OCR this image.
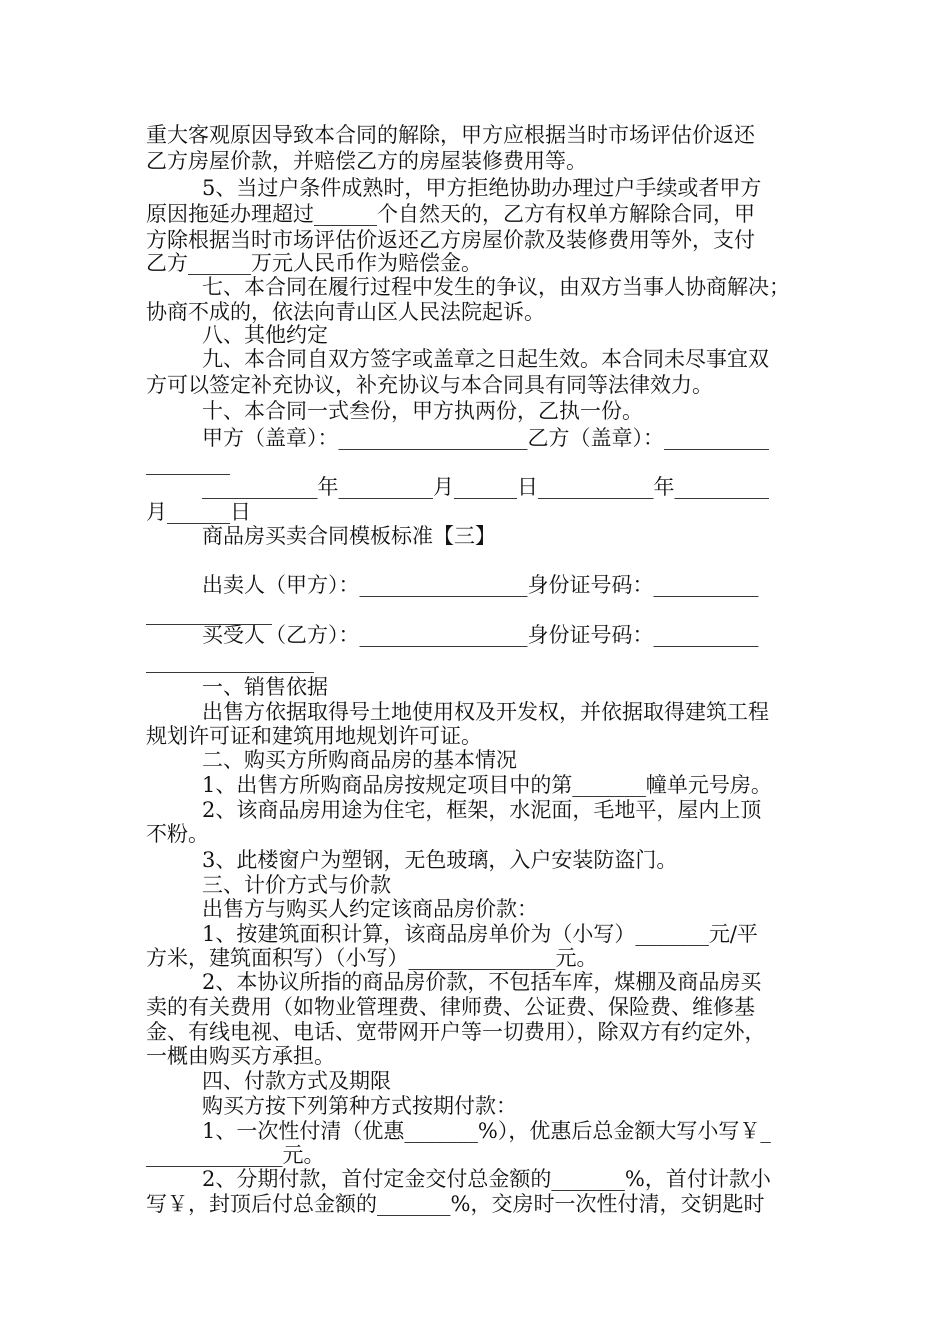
重大客观原因导致本合同的解除，甲方应根据当时市场评估价返还

乙方房屋价款，并赔偿乙方的房屋装修费用等。

5、当过户条件成熟时，甲方拒绝协助办理过户手续或者甲方

原因拖延办理超过______个自然天的，乙方有权单方解除合同，甲

方除根据当时市场评估价返还乙方房屋价款及装修费用等外，支付

乙方______万元人民币作为赔偿金。

七、本合同在履行过程中发生的争议，由双方当事人协商解决；

协商不成的，依法向青山区人民法院起诉。

八、其他约定

九、本合同自双方签字或盖章之日起生效。本合同未尽事宜双

方可以签定补充协议，补充协议与本合同具有同等法律效力。

十、本合同一式叁份，甲方执两份，乙执一份。

甲方（盖章）：__________________乙方（盖章）：__________

________

___________年_________月______日___________年_________

月______日

商品房买卖合同模板标准【三】

出卖人（甲方）：________________身份证号码：__________

____________

买受人（乙方）：________________身份证号码：__________

________________

一、销售依据

出售方依据取得号土地使用权及开发权，并依据取得建筑工程

规划许可证和建筑用地规划许可证。

二、购买方所购商品房的基本情况

1、出售方所购商品房按规定项目中的第_______幢单元号房。

2、该商品房用途为住宅，框架，水泥面，毛地平，屋内上顶

不粉。

3、此楼窗户为塑钢，无色玻璃，入户安装防盗门。

三、计价方式与价款

出售方与购买人约定该商品房价款：

1、按建筑面积计算，该商品房单价为（小写）_______元/平

方米，建筑面积写）（小写）______________元。

2、本协议所指的商品房价款，不包括车库，煤棚及商品房买

卖的有关费用（如物业管理费、律师费、公证费、保险费、维修基

金、有线电视、电话、宽带网开户等一切费用），除双方有约定外，

一概由购买方承担。

四、付款方式及期限

购买方按下列第种方式按期付款：

1、一次性付清（优惠_______%），优惠后总金额大写小写￥_

_____________元。

2、分期付款，首付定金交付总金额的_______%，首付计款小

写￥，封顶后付总金额的_______%，交房时一次性付清，交钥匙时
